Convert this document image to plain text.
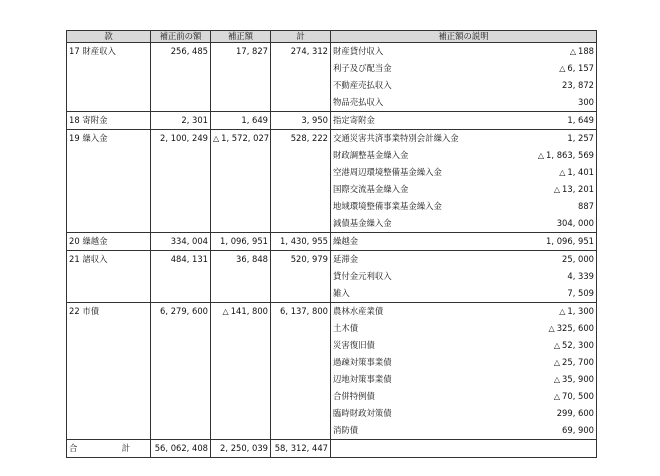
款	補正前の額	補正額	計	補正額の説明
17 財産収入	256, 485	17, 827	274, 312	財産貸付収入 △ 188

				利子及び配当金 △ 6, 157

				不動産売払収入 23, 872

				物品売払収入 300

18 寄附金	2, 301	1, 649	3, 950	指定寄附金 1, 649

19 繰入金	2, 100, 249	△ 1, 572, 027	528, 222	交通災害共済事業特別会計繰入金 1, 257

				財政調整基金繰入金 △ 1, 863, 569

				空港周辺環境整備基金繰入金 △ 1, 401

				国際交流基金繰入金 △ 13, 201

				地域環境整備事業基金繰入金 887

				減債基金繰入金 304, 000

20 繰越金	334, 004	1, 096, 951	1, 430, 955	繰越金 1, 096, 951

21 諸収入	484, 131	36, 848	520, 979	延滞金 25, 000

				貸付金元利収入 4, 339

				雑入 7, 509

22 市債	6, 279, 600	△ 141, 800	6, 137, 800	農林水産業債 △ 1, 300

				土木債 △ 325, 600

				災害復旧債 △ 52, 300

				過疎対策事業債 △ 25, 700

				辺地対策事業債 △ 35, 900

				合併特例債 △ 70, 500

				臨時財政対策債 299, 600

				消防債 69, 900

合　計	56, 062, 408	2, 250, 039	58, 312, 447	
